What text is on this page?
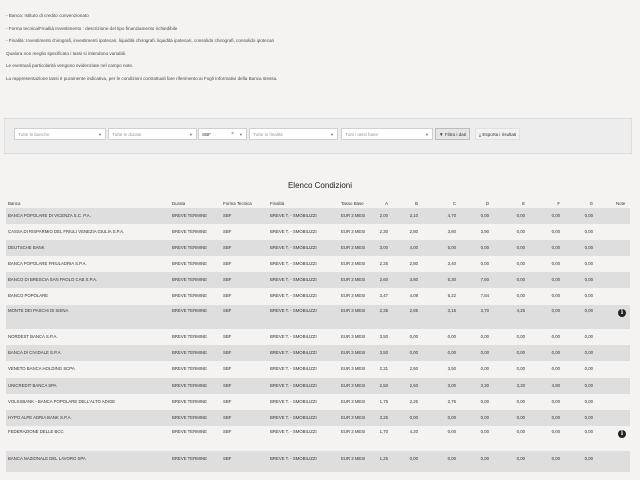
- Banca: Istituto di credito convenzionato
- Forma tecnica/Finalità Investimento : descrizione del tipo finanziamento richiedibile
- Finalità: Investimenti chirografi, investimenti ipotecari, liquidità chirografi, liquidità ipotecari, consolido chirografi, consolido ipotecari
Qualora non meglio specificato i tassi si intendono variabili.
Le eventuali particolarità vengono evidenziate nel campo note.
La rappresentazione tassi è puramente indicativa, per le condizioni contrattuali fare riferimento ai Fogli Informativi della Banca stessa.
Tutte le banche	▼	Tutte le durate	▼	SBF	× ▼	Tutte le finalità	▼	Tutti i tassi base	▼	▼ Filtra i dati	⤓ Esporta i risultati
Elenco Condizioni
Banca	Durata	Forma Tecnica	Finalità	Tasso Base	A	B	C	D	E	F	G	Note
BANCA POPOLARE DI VICENZA S.C. P.A.	BREVE TERMINE	SBF	BREVE T. - SMOBILIZZI	EUR 3 MESI	2,00	3,10	4,70	0,00	0,00	0,00	0,00
CASSA DI RISPARMIO DEL FRIULI VENEZIA GIULIA S.P.A.	BREVE TERMINE	SBF	BREVE T. - SMOBILIZZI	EUR 3 MESI	2,30	2,80	3,80	3,90	0,00	0,00	0,00
DEUTSCHE BANK	BREVE TERMINE	SBF	BREVE T. - SMOBILIZZI	EUR 3 MESI	3,00	4,00	5,00	0,00	0,00	0,00	0,00
BANCA POPOLARE FRIULADRIA S.P.A.	BREVE TERMINE	SBF	BREVE T. - SMOBILIZZI	EUR 3 MESI	2,25	2,80	3,40	0,00	0,00	0,00	0,00
BANCO DI BRESCIA SAN PAOLO CAB S.P.A.	BREVE TERMINE	SBF	BREVE T. - SMOBILIZZI	EUR 3 MESI	2,60	3,80	5,30	7,60	0,00	0,00	0,00
BANCO POPOLARE	BREVE TERMINE	SBF	BREVE T. - SMOBILIZZI	EUR 3 MESI	3,47	4,09	5,22	7,84	0,00	0,00	0,00
MONTE DEI PASCHI DI SIENA	BREVE TERMINE	SBF	BREVE T. - SMOBILIZZI	EUR 3 MESI	2,35	2,85	3,15	3,70	4,25	0,00	0,00	i
NORDEST BANCA S.P.A.	BREVE TERMINE	SBF	BREVE T. - SMOBILIZZI	EUR 3 MESI	3,50	0,00	0,00	0,00	0,00	0,00	0,00
BANCA DI CIVIDALE S.P.A.	BREVE TERMINE	SBF	BREVE T. - SMOBILIZZI	EUR 3 MESI	3,50	0,00	0,00	0,00	0,00	0,00	0,00
VENETO BANCA HOLDING SCPA	BREVE TERMINE	SBF	BREVE T. - SMOBILIZZI	EUR 3 MESI	2,31	2,50	3,50	0,00	0,00	0,00	0,00
UNICREDIT BANCA SPA	BREVE TERMINE	SBF	BREVE T. - SMOBILIZZI	EUR 3 MESI	2,50	2,60	3,00	3,30	3,30	4,80	0,00
VOLKSBANK - BANCA POPOLARE DELL'ALTO ADIGE	BREVE TERMINE	SBF	BREVE T. - SMOBILIZZI	EUR 3 MESI	1,75	2,25	2,75	0,00	0,00	0,00	0,00
HYPO ALPE ADRIA BANK S.P.A.	BREVE TERMINE	SBF	BREVE T. - SMOBILIZZI	EUR 3 MESI	3,25	0,00	0,00	0,00	0,00	0,00	0,00
FEDERAZIONE DELLE BCC	BREVE TERMINE	SBF	BREVE T. - SMOBILIZZI	EUR 3 MESI	1,70	4,20	0,00	0,00	0,00	0,00	0,00	i
BANCA NAZIONALE DEL LAVORO SPA	BREVE TERMINE	SBF	BREVE T. - SMOBILIZZI	EUR 3 MESI	1,25	0,00	0,00	0,00	0,00	0,00	0,00
